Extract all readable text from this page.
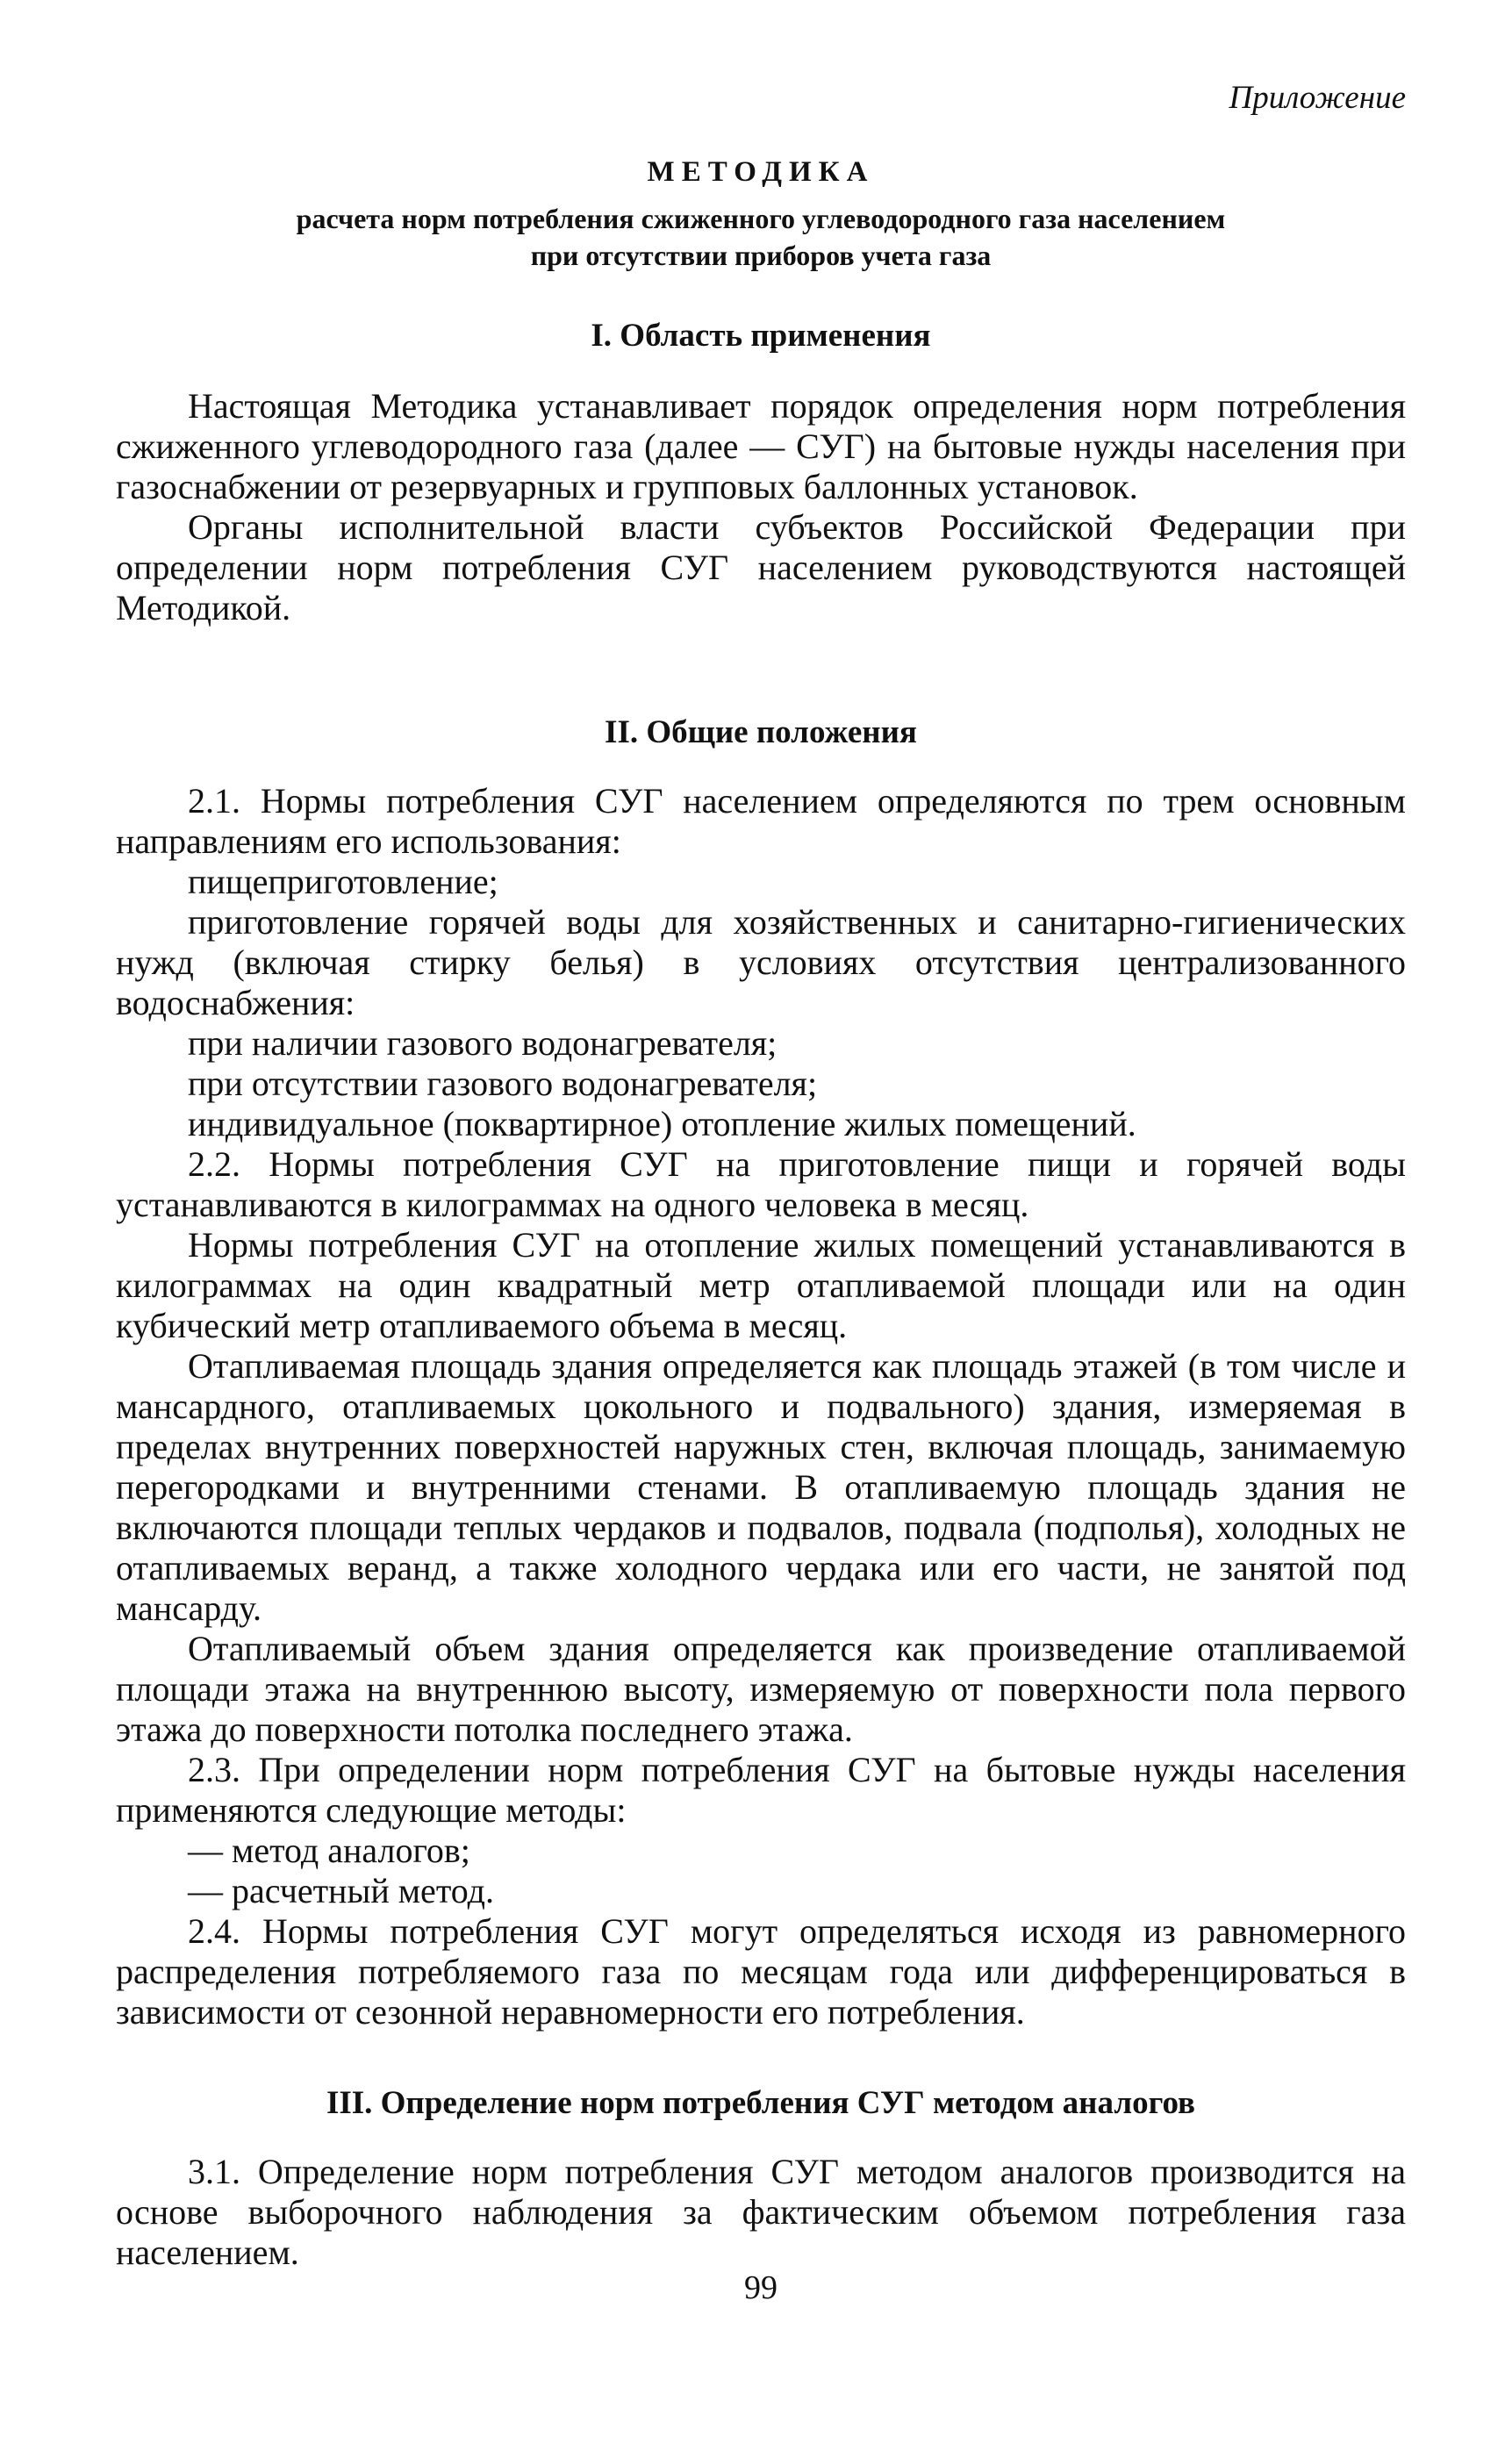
Приложение
МЕТОДИКА
расчета норм потребления сжиженного углеводородного газа населением
при отсутствии приборов учета газа
I. Область применения

Настоящая Методика устанавливает порядок определения норм потребления сжиженного углеводородного газа (далее — СУГ) на бытовые нужды населения при газоснабжении от резервуарных и групповых баллонных установок.

Органы исполнительной власти субъектов Российской Федерации при определении норм потребления СУГ населением руководствуются настоящей Методикой.

II. Общие положения

2.1. Нормы потребления СУГ населением определяются по трем основным направлениям его использования:

пищеприготовление;

приготовление горячей воды для хозяйственных и санитарно-гигиенических нужд (включая стирку белья) в условиях отсутствия централизованного водоснабжения:

при наличии газового водонагревателя;

при отсутствии газового водонагревателя;

индивидуальное (поквартирное) отопление жилых помещений.

2.2. Нормы потребления СУГ на приготовление пищи и горячей воды устанавливаются в килограммах на одного человека в месяц.

Нормы потребления СУГ на отопление жилых помещений устанавливаются в килограммах на один квадратный метр отапливаемой площади или на один кубический метр отапливаемого объема в месяц.

Отапливаемая площадь здания определяется как площадь этажей (в том числе и мансардного, отапливаемых цокольного и подвального) здания, измеряемая в пределах внутренних поверхностей наружных стен, включая площадь, занимаемую перегородками и внутренними стенами. В отапливаемую площадь здания не включаются площади теплых чердаков и подвалов, подвала (подполья), холодных не отапливаемых веранд, а также холодного чердака или его части, не занятой под мансарду.

Отапливаемый объем здания определяется как произведение отапливаемой площади этажа на внутреннюю высоту, измеряемую от поверхности пола первого этажа до поверхности потолка последнего этажа.

2.3. При определении норм потребления СУГ на бытовые нужды населения применяются следующие методы:

— метод аналогов;

— расчетный метод.

2.4. Нормы потребления СУГ могут определяться исходя из равномерного распределения потребляемого газа по месяцам года или дифференцироваться в зависимости от сезонной неравномерности его потребления.

III. Определение норм потребления СУГ методом аналогов

3.1. Определение норм потребления СУГ методом аналогов производится на основе выборочного наблюдения за фактическим объемом потребления газа населением.

99
